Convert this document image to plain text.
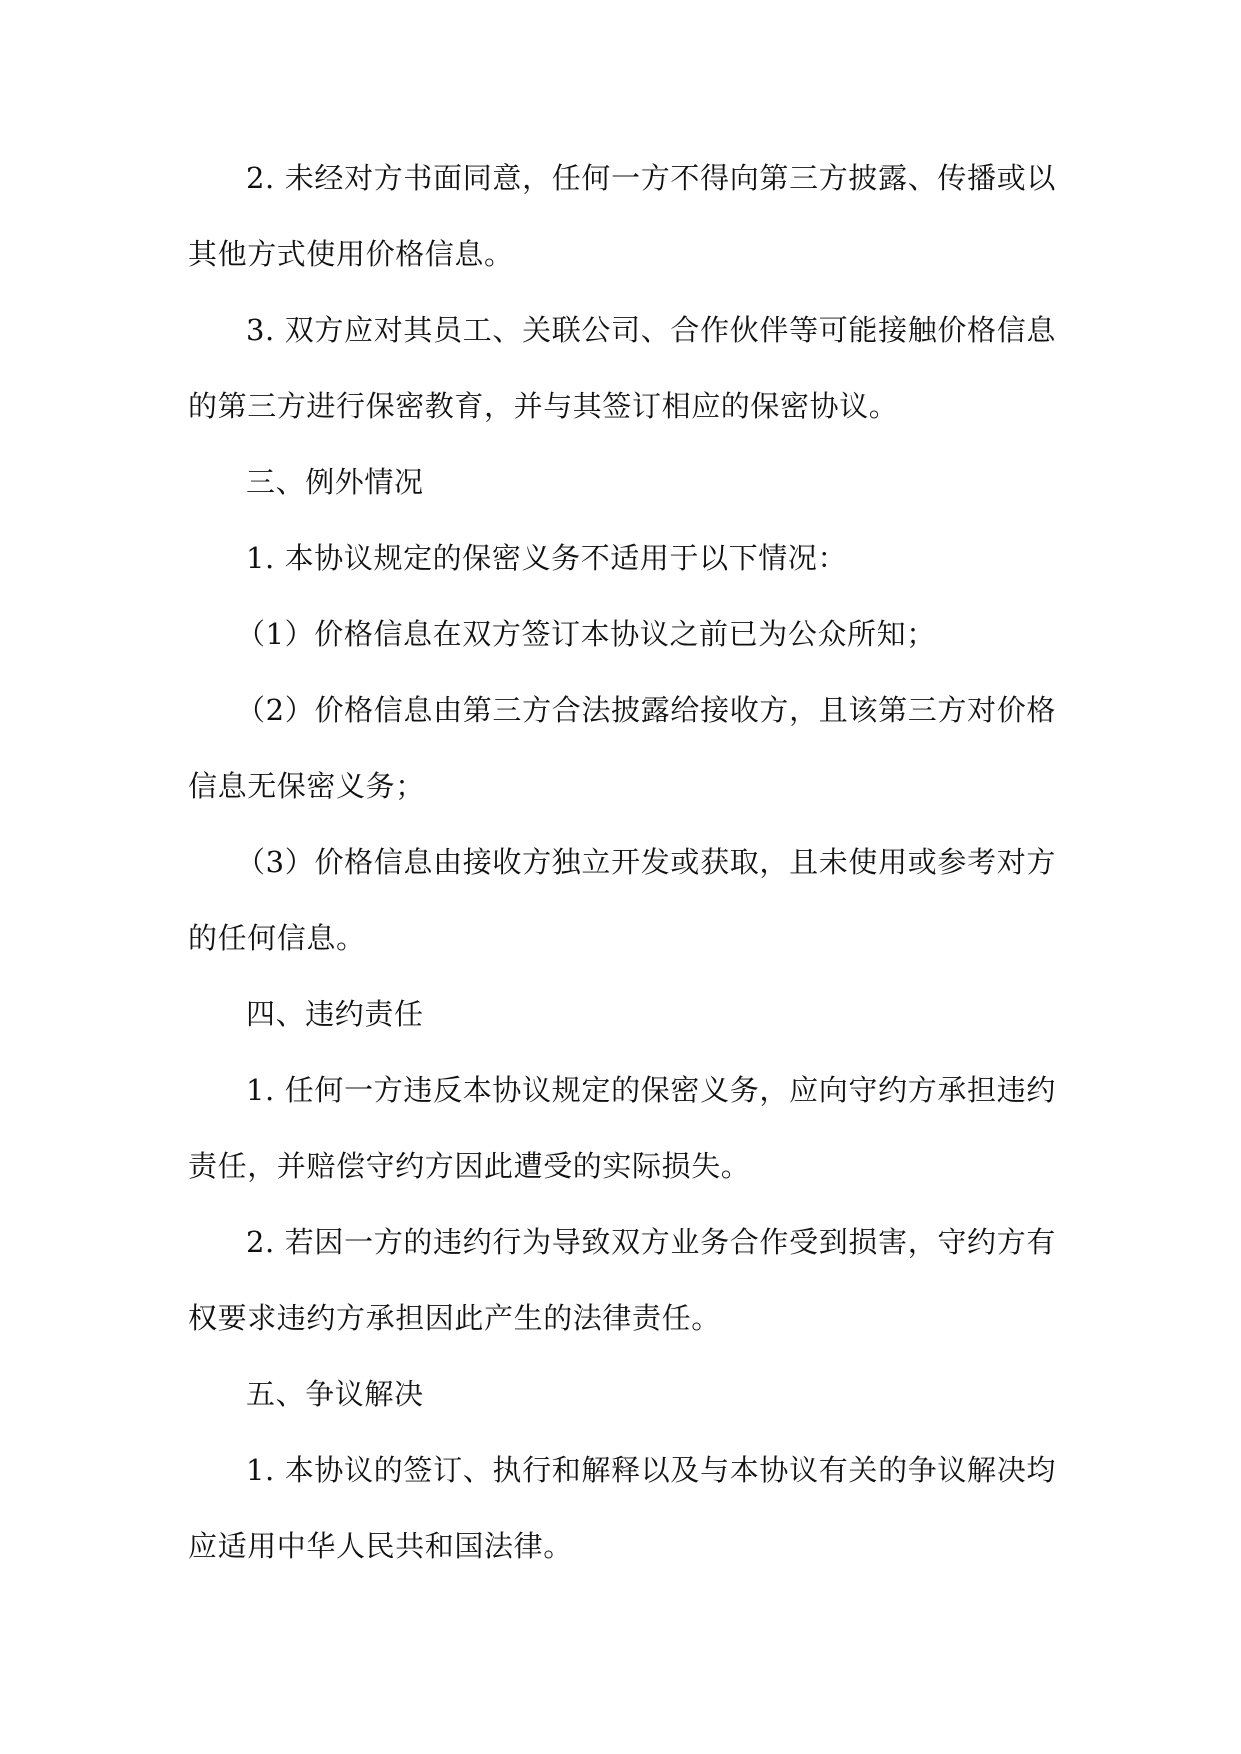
2. 未经对方书面同意，任何一方不得向第三方披露、传播或以其他方式使用价格信息。

3. 双方应对其员工、关联公司、合作伙伴等可能接触价格信息的第三方进行保密教育，并与其签订相应的保密协议。

三、例外情况

1. 本协议规定的保密义务不适用于以下情况：

（1）价格信息在双方签订本协议之前已为公众所知；

（2）价格信息由第三方合法披露给接收方，且该第三方对价格信息无保密义务；

（3）价格信息由接收方独立开发或获取，且未使用或参考对方的任何信息。

四、违约责任

1. 任何一方违反本协议规定的保密义务，应向守约方承担违约责任，并赔偿守约方因此遭受的实际损失。

2. 若因一方的违约行为导致双方业务合作受到损害，守约方有权要求违约方承担因此产生的法律责任。

五、争议解决

1. 本协议的签订、执行和解释以及与本协议有关的争议解决均应适用中华人民共和国法律。
